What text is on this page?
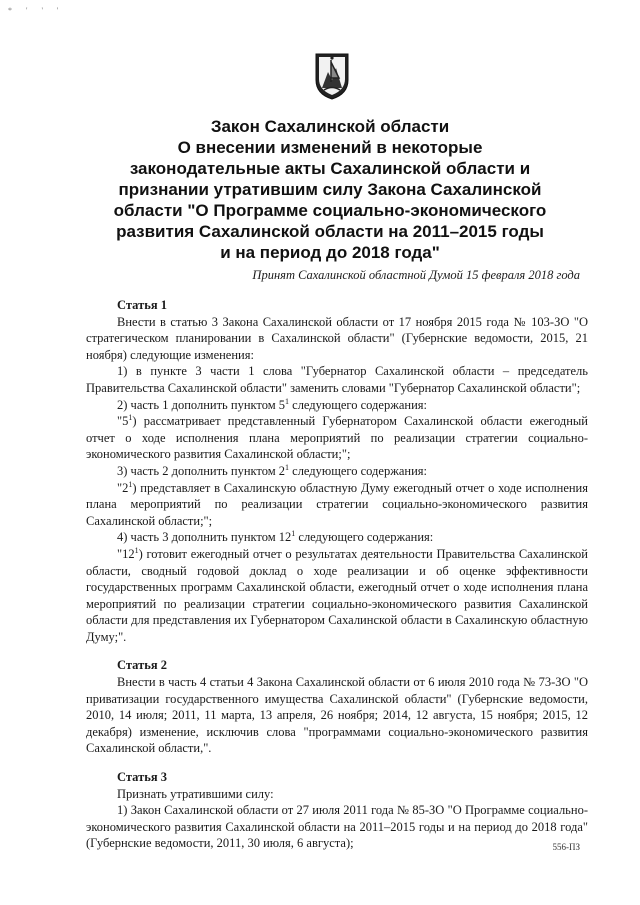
* ' ' '
Закон Сахалинской области
О внесении изменений в некоторые
законодательные акты Сахалинской области и
признании утратившим силу Закона Сахалинской
области "О Программе социально-экономического
развития Сахалинской области на 2011–2015 годы
и на период до 2018 года"
Принят Сахалинской областной Думой 15 февраля 2018 года
Статья 1

Внести в статью 3 Закона Сахалинской области от 17 ноября 2015 года № 103-ЗО "О стратегическом планировании в Сахалинской области" (Губернские ведомости, 2015, 21 ноября) следующие изменения:

1) в пункте 3 части 1 слова "Губернатор Сахалинской области – председатель Правительства Сахалинской области" заменить словами "Губернатор Сахалинской области";

2) часть 1 дополнить пунктом $5^1$ следующего содержания:

"$5^1$) рассматривает представленный Губернатором Сахалинской области ежегодный отчет о ходе исполнения плана мероприятий по реализации стратегии социально-экономического развития Сахалинской области;";

3) часть 2 дополнить пунктом $2^1$ следующего содержания:

"$2^1$) представляет в Сахалинскую областную Думу ежегодный отчет о ходе исполнения плана мероприятий по реализации стратегии социально-экономического развития Сахалинской области;";

4) часть 3 дополнить пунктом $12^1$ следующего содержания:

"$12^1$) готовит ежегодный отчет о результатах деятельности Правительства Сахалинской области, сводный годовой доклад о ходе реализации и об оценке эффективности государственных программ Сахалинской области, ежегодный отчет о ходе исполнения плана мероприятий по реализации стратегии социально-экономического развития Сахалинской области для представления их Губернатором Сахалинской области в Сахалинскую областную Думу;".

Статья 2

Внести в часть 4 статьи 4 Закона Сахалинской области от 6 июля 2010 года № 73-ЗО "О приватизации государственного имущества Сахалинской области" (Губернские ведомости, 2010, 14 июля; 2011, 11 марта, 13 апреля, 26 ноября; 2014, 12 августа, 15 ноября; 2015, 12 декабря) изменение, исключив слова "программами социально-экономического развития Сахалинской области,".

Статья 3

Признать утратившими силу:

1) Закон Сахалинской области от 27 июля 2011 года № 85-ЗО "О Программе социально-экономического развития Сахалинской области на 2011–2015 годы и на период до 2018 года" (Губернские ведомости, 2011, 30 июля, 6 августа);	556-ПЗ
